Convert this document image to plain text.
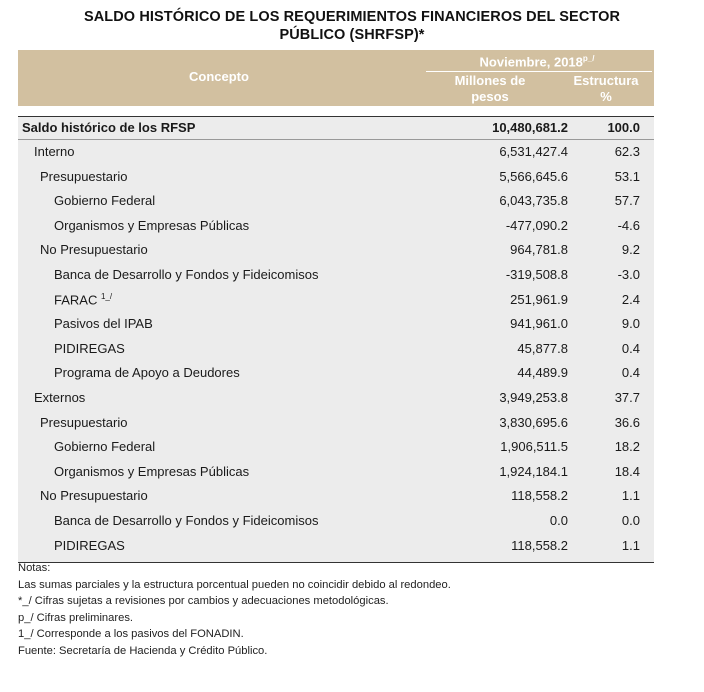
SALDO HISTÓRICO DE LOS REQUERIMIENTOS FINANCIEROS DEL SECTOR
PÚBLICO (SHRFSP)*
Concepto
Noviembre, $2018^{p\_/}$
Millones de
pesos
Estructura
%
Saldo histórico de los RFSP	10,480,681.2	100.0
Interno	6,531,427.4	62.3
Presupuestario	5,566,645.6	53.1
Gobierno Federal	6,043,735.8	57.7
Organismos y Empresas Públicas	-477,090.2	-4.6
No Presupuestario	964,781.8	9.2
Banca de Desarrollo y Fondos y Fideicomisos	-319,508.8	-3.0
FARAC $^{1\_/}$	251,961.9	2.4
Pasivos del IPAB	941,961.0	9.0
PIDIREGAS	45,877.8	0.4
Programa de Apoyo a Deudores	44,489.9	0.4
Externos	3,949,253.8	37.7
Presupuestario	3,830,695.6	36.6
Gobierno Federal	1,906,511.5	18.2
Organismos y Empresas Públicas	1,924,184.1	18.4
No Presupuestario	118,558.2	1.1
Banca de Desarrollo y Fondos y Fideicomisos	0.0	0.0
PIDIREGAS	118,558.2	1.1
Notas:
Las sumas parciales y la estructura porcentual pueden no coincidir debido al redondeo.
*_/ Cifras sujetas a revisiones por cambios y adecuaciones metodológicas.
p_/ Cifras preliminares.
1_/ Corresponde a los pasivos del FONADIN.
Fuente: Secretaría de Hacienda y Crédito Público.
